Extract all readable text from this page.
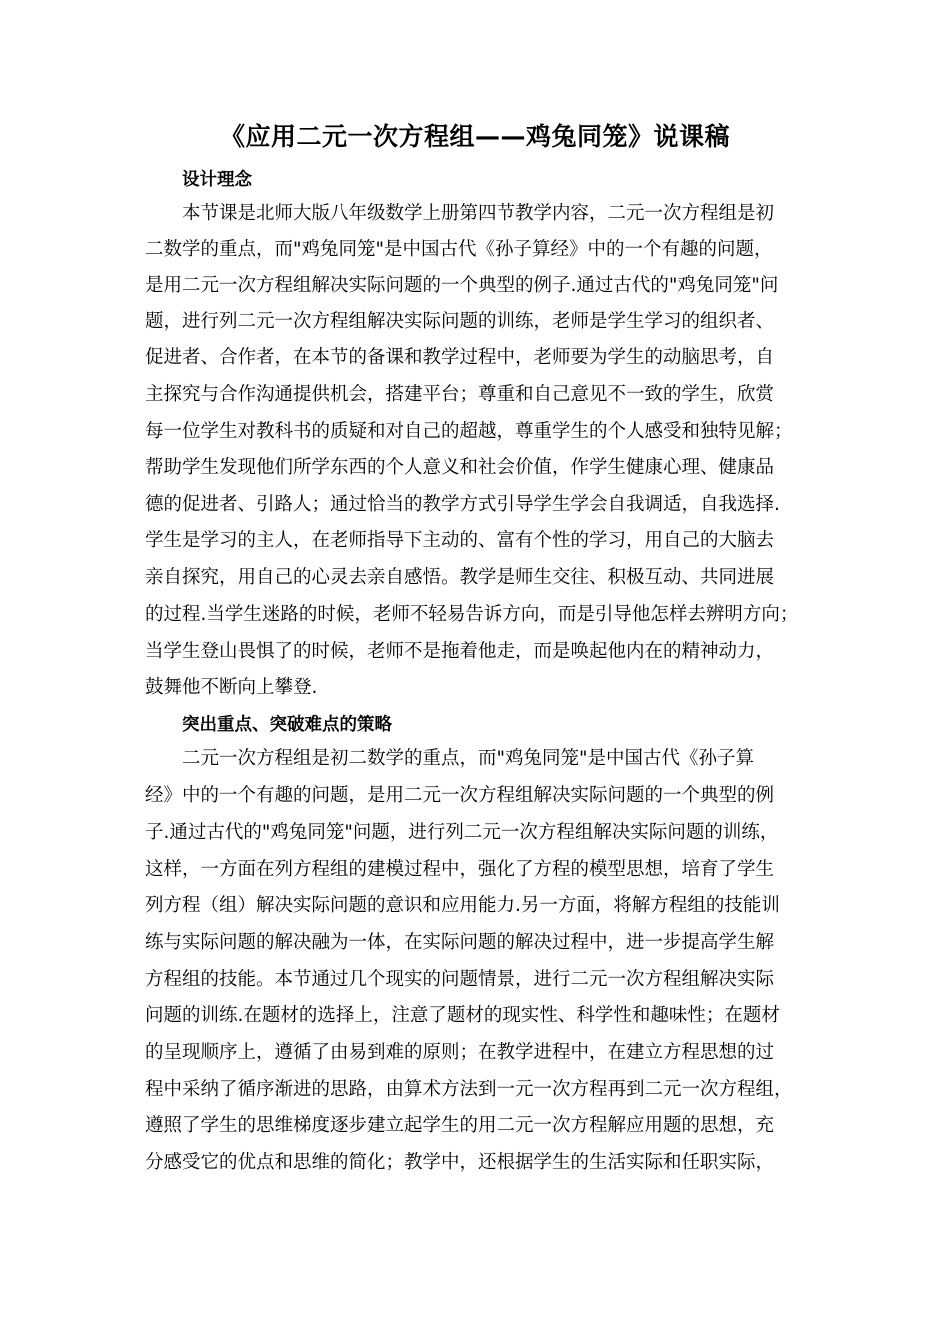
《应用二元一次方程组——鸡兔同笼》说课稿
设计理念

本节课是北师大版八年级数学上册第四节教学内容，二元一次方程组是初

二数学的重点，而"鸡兔同笼"是中国古代《孙子算经》中的一个有趣的问题，

是用二元一次方程组解决实际问题的一个典型的例子.通过古代的"鸡兔同笼"问

题，进行列二元一次方程组解决实际问题的训练，老师是学生学习的组织者、

促进者、合作者，在本节的备课和教学过程中，老师要为学生的动脑思考，自

主探究与合作沟通提供机会，搭建平台；尊重和自己意见不一致的学生，欣赏

每一位学生对教科书的质疑和对自己的超越，尊重学生的个人感受和独特见解；

帮助学生发现他们所学东西的个人意义和社会价值，作学生健康心理、健康品

德的促进者、引路人；通过恰当的教学方式引导学生学会自我调适，自我选择.

学生是学习的主人，在老师指导下主动的、富有个性的学习，用自己的大脑去

亲自探究，用自己的心灵去亲自感悟。教学是师生交往、积极互动、共同进展

的过程.当学生迷路的时候，老师不轻易告诉方向，而是引导他怎样去辨明方向；

当学生登山畏惧了的时候，老师不是拖着他走，而是唤起他内在的精神动力，

鼓舞他不断向上攀登.

突出重点、突破难点的策略

二元一次方程组是初二数学的重点，而"鸡兔同笼"是中国古代《孙子算

经》中的一个有趣的问题，是用二元一次方程组解决实际问题的一个典型的例

子.通过古代的"鸡兔同笼"问题，进行列二元一次方程组解决实际问题的训练，

这样，一方面在列方程组的建模过程中，强化了方程的模型思想，培育了学生

列方程（组）解决实际问题的意识和应用能力.另一方面，将解方程组的技能训

练与实际问题的解决融为一体，在实际问题的解决过程中，进一步提高学生解

方程组的技能。本节通过几个现实的问题情景，进行二元一次方程组解决实际

问题的训练.在题材的选择上，注意了题材的现实性、科学性和趣味性；在题材

的呈现顺序上，遵循了由易到难的原则；在教学进程中，在建立方程思想的过

程中采纳了循序渐进的思路，由算术方法到一元一次方程再到二元一次方程组，

遵照了学生的思维梯度逐步建立起学生的用二元一次方程解应用题的思想，充

分感受它的优点和思维的简化；教学中，还根据学生的生活实际和任职实际，
